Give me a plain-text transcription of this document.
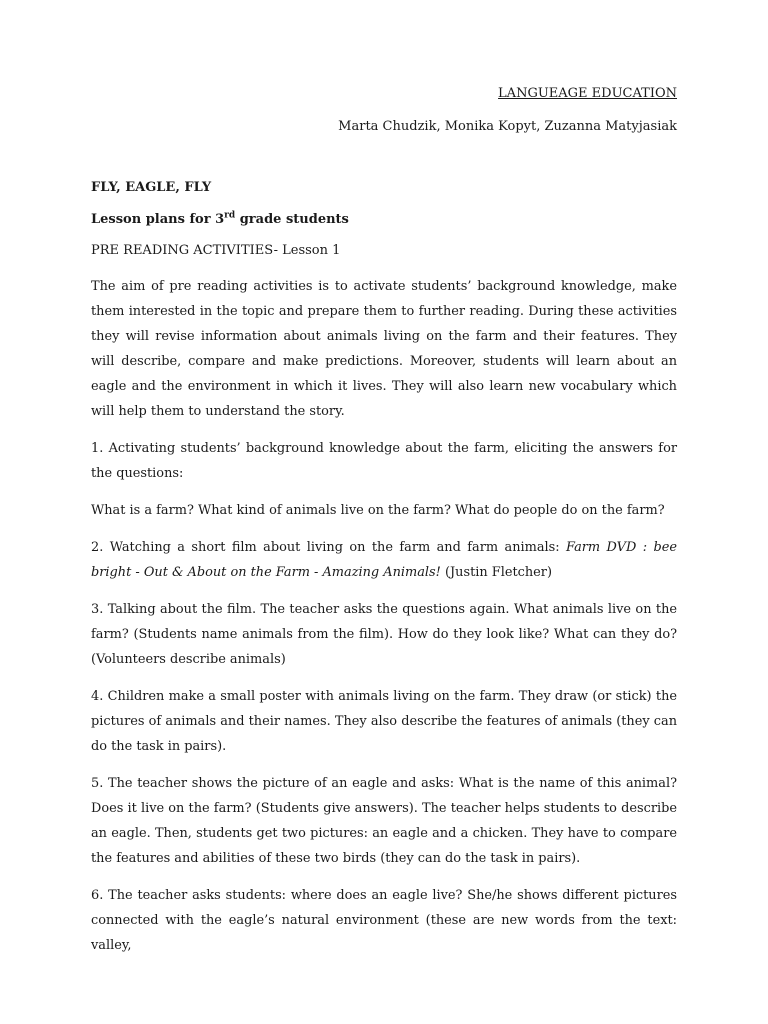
LANGUEAGE EDUCATION
Marta Chudzik, Monika Kopyt, Zuzanna Matyjasiak
FLY, EAGLE, FLY
Lesson plans for 3rd grade students
PRE READING ACTIVITIES- Lesson 1

The aim of pre reading activities is to activate students’ background knowledge, make them interested in the topic and prepare them to further reading. During these activities they will revise information about animals living on the farm and their features. They will describe, compare and make predictions. Moreover, students will learn about an eagle and the environment in which it lives. They will also learn new vocabulary which will help them to understand the story.

1. Activating students’ background knowledge about the farm, eliciting the answers for the questions:

What is a farm? What kind of animals live on the farm? What do people do on the farm?

2. Watching a short film about living on the farm and farm animals: Farm DVD : bee bright - Out & About on the Farm - Amazing Animals! (Justin Fletcher)

3. Talking about the film. The teacher asks the questions again. What animals live on the farm? (Students name animals from the film). How do they look like? What can they do? (Volunteers describe animals)

4. Children make a small poster with animals living on the farm. They draw (or stick) the pictures of animals and their names. They also describe the features of animals (they can do the task in pairs).

5. The teacher shows the picture of an eagle and asks: What is the name of this animal? Does it live on the farm? (Students give answers). The teacher helps students to describe an eagle. Then, students get two pictures: an eagle and a chicken. They have to compare the features and abilities of these two birds (they can do the task in pairs).

6. The teacher asks students: where does an eagle live? She/he shows different pictures connected with the eagle’s natural environment (these are new words from the text: valley,
